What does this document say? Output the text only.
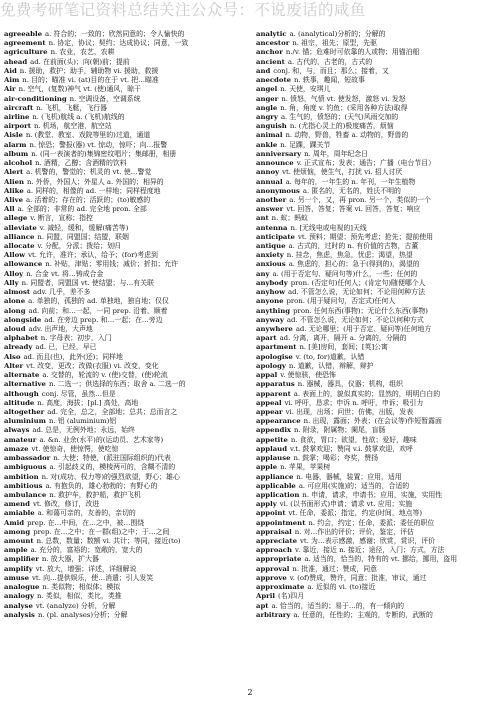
免费考研笔记资料总结关注公众号：不说废话的咸鱼
agreeable a. 符合的；一致的；欣然同意的；令人愉快的
agreement n. 协定，协议；契约；达成协议；同意，一致
agriculture n. 农业，农艺，农耕
ahead ad. 在前面(头)；向(朝)前；提前
Aid n. 援助，救护；助手，辅助物 vi. 援助，救援
Aim n. 目的；瞄准 vi. (at)目的在于 vt. 把…瞄准
Air n. 空气，(复数)神气 vt. (使)通风，晾干
air-conditioning n. 空调设备，空调系统
aircraft n. 飞机，飞艇，飞行器
airline n. (飞机)航线 a. (飞机)航线的
airport n. 机场，航空港，航空站
Aisle n. (教堂、教室、戏院等里的)过道，通道
alarm n. 惊恐；警报(器) vt. 惊动，惊吓；向…报警
album n. (同一表演者的)集锦密纹唱片；集邮册，相册
alcohol n. 酒精，乙醇；含酒精的饮料
Alert a. 机警的，警觉的；机灵的 vt. 使…警觉
Alien n. 外侨，外国人；外星人 a. 外国的；相异的
Alike a. 同样的，相像的 ad. 一样地；同样程度地
Alive a. 活着的；存在的；活跃的；(to)敏感的
All a. 全部的；非常的 ad. 完全地 pron. 全部
allege v. 断言，宣称；指控
alleviate v. 减轻，缓和，缓解(痛苦等)
alliance n. 同盟，同盟国；结盟，联姻
allocate v. 分配，分派；拨给；划归
Allow vt. 允许，准许；承认，给予；(for)考虑到
allowance n. 补贴，津贴；零用钱；减价；折扣；允许
Alloy n. 合金 vt. 将…铸成合金
Ally n. 同盟者，同盟国 vt. 使结盟；与…有关联
almost adv. 几乎，差不多
alone a. 单独的，孤独的 ad. 单独地，独自地；仅仅
along ad. 向前；和…一起，一同 prep. 沿着，顺着
alongside ad. 在旁边 prep. 和…一起；在…旁边
aloud adv. 出声地，大声地
alphabet n. 字母表；初步，入门
already ad. 已，已经，早已
Also ad. 而且(也)，此外(还)；同样地
Alter vt. 改变，更改；改做(衣服) vi. 改变，变化
alternate a. 交替的，轮流的 v. (使)交替，(使)轮流
alternative n. 二选一；供选择的东西；取舍 a. 二选一的
although conj. 尽管，虽然…但是
altitude n. 高度，海拔；[pl.] 高处，高地
altogether ad. 完全，总之，全部地；总共；总而言之
aluminium n. 铝 (aluminium)铝
always ad. 总是，无例外地；永远，始终
amateur a. &n. 业余(水平)的(运动员、艺术家等)
amaze vt. 使惊奇，使惊愕，使吃惊
ambassador n. 大使；特使，(派驻国际组织的)代表
ambiguous a. 引起歧义的，模棱两可的，含糊不清的
ambition n. 对(成功、权力等)的强烈欲望，野心；雄心
ambitious a. 有抱负的，雄心勃勃的；有野心的
ambulance n. 救护车，救护船，救护飞机
amend vt. 修改，修订，改进
amiable a. 和蔼可亲的，友善的，亲切的
Amid prep. 在…中间，在…之中，被…围绕
among prep. 在…之中；在一群(组)之中；于…之间
amount n. 总数，数量；数额 vi. 共计；等同，接近(to)
ample a. 充分的，富裕的；宽敞的，宽大的
amplifier n. 放大器，扩大器
amplify vt. 放大，增强；详述，详细解说
amuse vt. 向…提供娱乐，使…消遣；引人发笑
analogue n. 类似物；相似体；模拟
analogy n. 类似，相似，类比，类推
analyse vt. (analyze) 分析，分解
analysis n. (pl. analyses)分析；分解
analytic a. (analytical)分析的；分解的
ancestor n. 祖宗，祖先；原型，先驱
anchor n./v. 锚；危难时可依靠的人或物；用锚泊船
ancient a. 古代的，古老的，古式的
and conj. 和，与，而且；那么；接着，又
anecdote n. 轶事，趣闻，短故事
angel n. 天使，安琪儿
anger n. 愤怒，气愤 vt. 使发怒，激怒 vi. 发怒
angle n. 角，角度 v. 钓鱼；(采用各种方法)取得
angry a. 生气的，愤怒的；(天气)风雨交加的
anguish n. (尤指心灵上的)极度痛苦，烦恼
animal n. 动物，野兽，牲畜 a. 动物的，野兽的
ankle n. 足踝，踝关节
anniversary n. 周年，周年纪念日
announce v. 正式宣布；发表；通告；广播（电台节目）
annoy vt. 使烦恼，使生气，打扰 vi. 招人讨厌
annual a. 每年的，一年生的 n. 年刊，一年生植物
anonymous a. 匿名的，无名的，姓氏不明的
another a. 另一个，又，再 pron. 另一个，类似的一个
answer vt. 回答，答复；答案 vi. 回答，答复；响应
ant n. 蚁；蚂蚁
antenna n. [无线电或电视的]天线
anticipate vt. 预料；期望；预先考虑；抢先；提前使用
antique a. 古式的，过时的 n. 有价值的古物，古董
anxiety n. 挂念，焦虑，焦急，忧虑；渴望，热望
anxious a. 焦虑的，担心的；急于(得到的)，渴望的
any a. (用于否定句、疑问句等)什么，一些；任何的
anybody pron. (否定句)任何人；(肯定句)随便哪个人
anyhow ad. 不管怎么说，无论如何；不论用何种方法
anyone pron. (用于疑问句，否定式)任何人
anything pron. 任何东西(事物)；无论什么东西(事物)
anyway ad. 不管怎么说，无论如何；不论以何种方式
anywhere ad. 无论哪里；(用于否定、疑问等)任何地方
apart ad. 分离，离开，隔开 a. 分离的，分隔的
apartment n. [美]房间，套间；[英]公寓
apologise v. (to, for)道歉，认错
apology n. 道歉，认错，辩解，辩护
appal v. 使惊骇，使恐怖
apparatus n. 器械，器具，仪器；机构，组织
apparent a. 表面上的，貌似真实的；显然的，明明白白的
appeal vi. 呼吁，恳求；申诉 n. 呼吁，申诉；吸引力
appear vi. 出现，出场；问世；仿佛，出版，发表
appearance n. 出现，露面；外表；(在会议等)作短暂露面
appendix n. 附录，附属物；阑尾，盲肠
appetite n. 食欲，胃口；欲望，性欲；爱好，趣味
applaud v.t. 鼓掌欢迎；赞同 v.i. 鼓掌欢迎，欢呼
applause n. 鼓掌；喝彩；夸奖，赞扬
apple n. 苹果，苹果树
appliance n. 电器，器械，装置；应用，适用
applicable a. 可应用(实施)的；适当的，合适的
application n. 申请，请求，申请书；应用，实施，实用性
apply vi. (以书面形式)申请；请求 vt. 应用；实施
appoint vt. 任命，委派；指定，约定(时间，地点等)
appointment n. 约会，约定；任命，委派；委任的职位
appraisal n. 对…作出的评价；评价，鉴定，评估
appreciate vt. 为…表示感激，感谢；欣赏，赏识，评价
approach v. 靠近，接近 n. 接近；途径，入门；方式，方法
appropriate a. 适当的，恰当的，特有的 vt. 挪给，挪用，盗用
approval n. 批准，通过；赞成，同意
approve v. (of)赞成，赞许，同意；批准，审议，通过
approximate a. 近似的 vi. (to)接近
April (名)四月
apt a. 恰当的，适当的；易于…的，有一倾向的
arbitrary a. 任意的，任性的；主观的，专断的，武断的
2
